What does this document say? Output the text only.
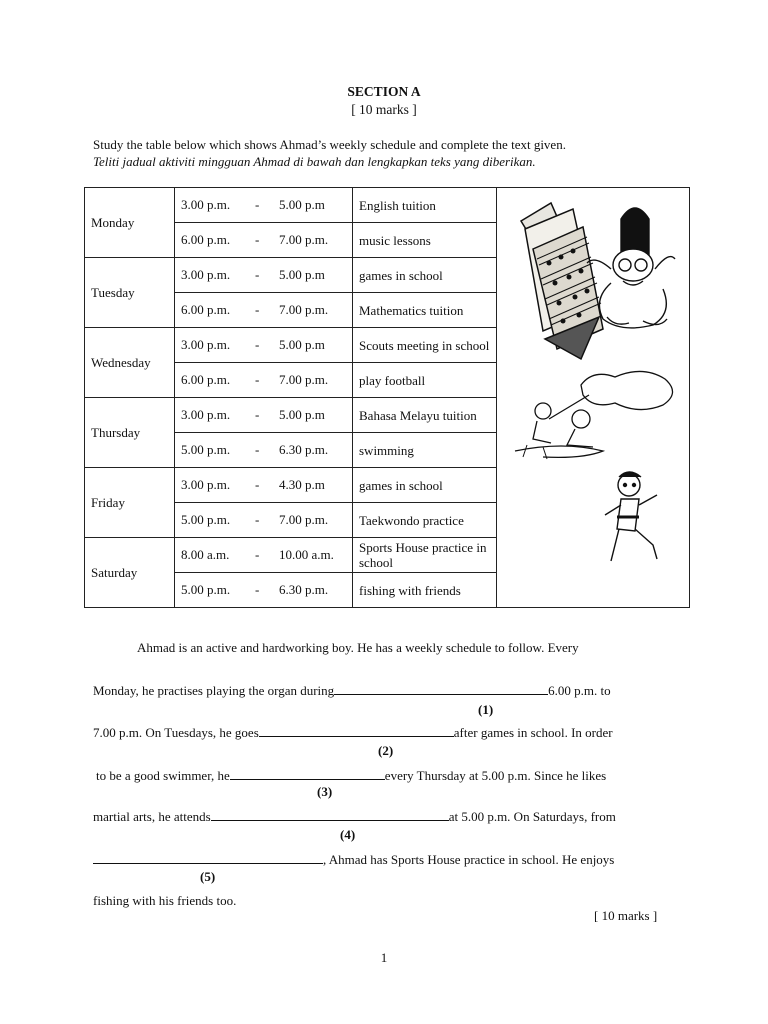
SECTION A
[ 10 marks ]
Study the table below which shows Ahmad’s weekly schedule and complete the text given.
Teliti jadual aktiviti mingguan Ahmad di bawah dan lengkapkan teks yang diberikan.
Monday	3.00 p.m. - 5.00 p.m	English tuition	

	6.00 p.m. - 7.00 p.m.	music lessons	
Tuesday	3.00 p.m. - 5.00 p.m	games in school	
	6.00 p.m. - 7.00 p.m.	Mathematics tuition	
Wednesday	3.00 p.m. - 5.00 p.m	Scouts meeting in school	
	6.00 p.m. - 7.00 p.m.	play football	
Thursday	3.00 p.m. - 5.00 p.m	Bahasa Melayu tuition	
	5.00 p.m. - 6.30 p.m.	swimming	
Friday	3.00 p.m. - 4.30 p.m	games in school	
	5.00 p.m. - 7.00 p.m.	Taekwondo practice	
Saturday	8.00 a.m. - 10.00 a.m.	Sports House practice in school	
	5.00 p.m. - 6.30 p.m.	fishing with friends	
Ahmad is an active and hardworking boy. He has a weekly schedule to follow. Every
Monday, he practises playing the organ during	6.00 p.m. to
(1)
7.00 p.m. On Tuesdays, he goes	after games in school. In order
(2)
to be a good swimmer, he	every Thursday at 5.00 p.m. Since he likes
(3)
martial arts, he attends	at 5.00 p.m. On Saturdays, from
(4)
, Ahmad has Sports House practice in school. He enjoys
(5)
fishing with his friends too.
[ 10 marks ]
1
